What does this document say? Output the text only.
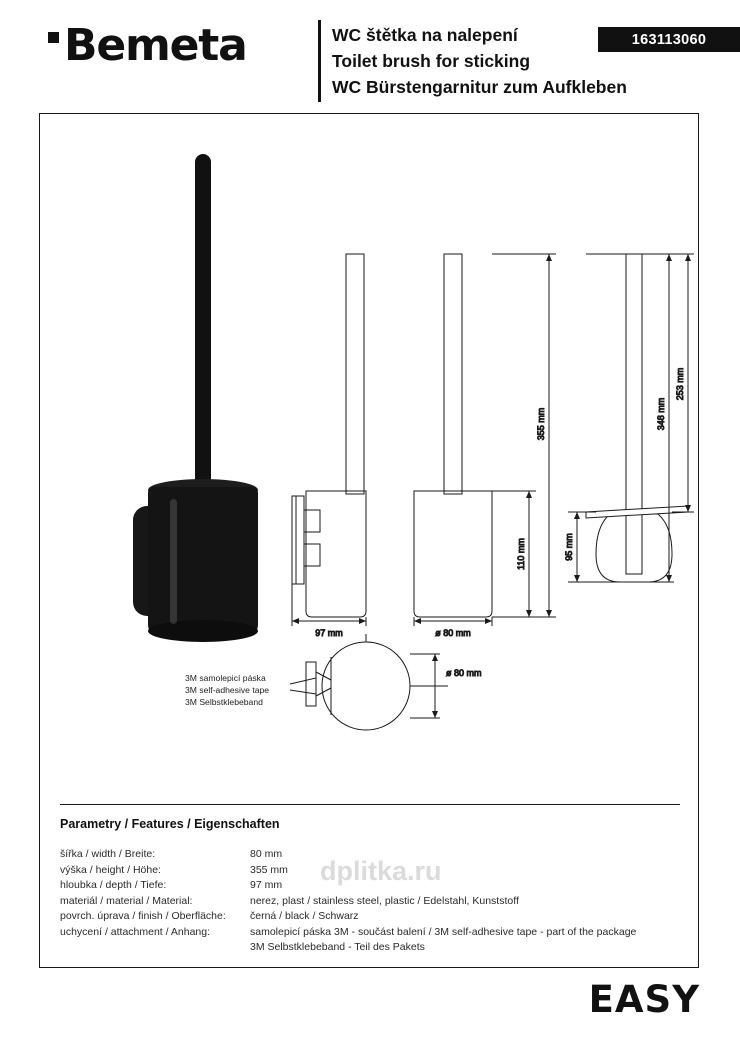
Bemeta	WC štětka na nalepení
Toilet brush for sticking
WC Bürstengarnitur zum Aufkleben
163113060
97 mm	ø 80 mm
110 mm
355 mm
253 mm
348 mm
95 mm
ø 80 mm
3M samolepicí páska
3M self-adhesive tape
3M Selbstklebeband
Parametry / Features / Eigenschaften
šířka / width / Breite:	80 mm
výška / height / Höhe:	355 mm
hloubka / depth / Tiefe:	97 mm
materiál / material / Material:	nerez, plast / stainless steel, plastic / Edelstahl, Kunststoff
povrch. úprava / finish / Oberfläche:	černá / black / Schwarz
uchycení / attachment / Anhang:	samolepicí páska 3M - součást balení / 3M self-adhesive tape - part of the package
3M Selbstklebeband - Teil des Pakets
dplitka.ru
EASY
